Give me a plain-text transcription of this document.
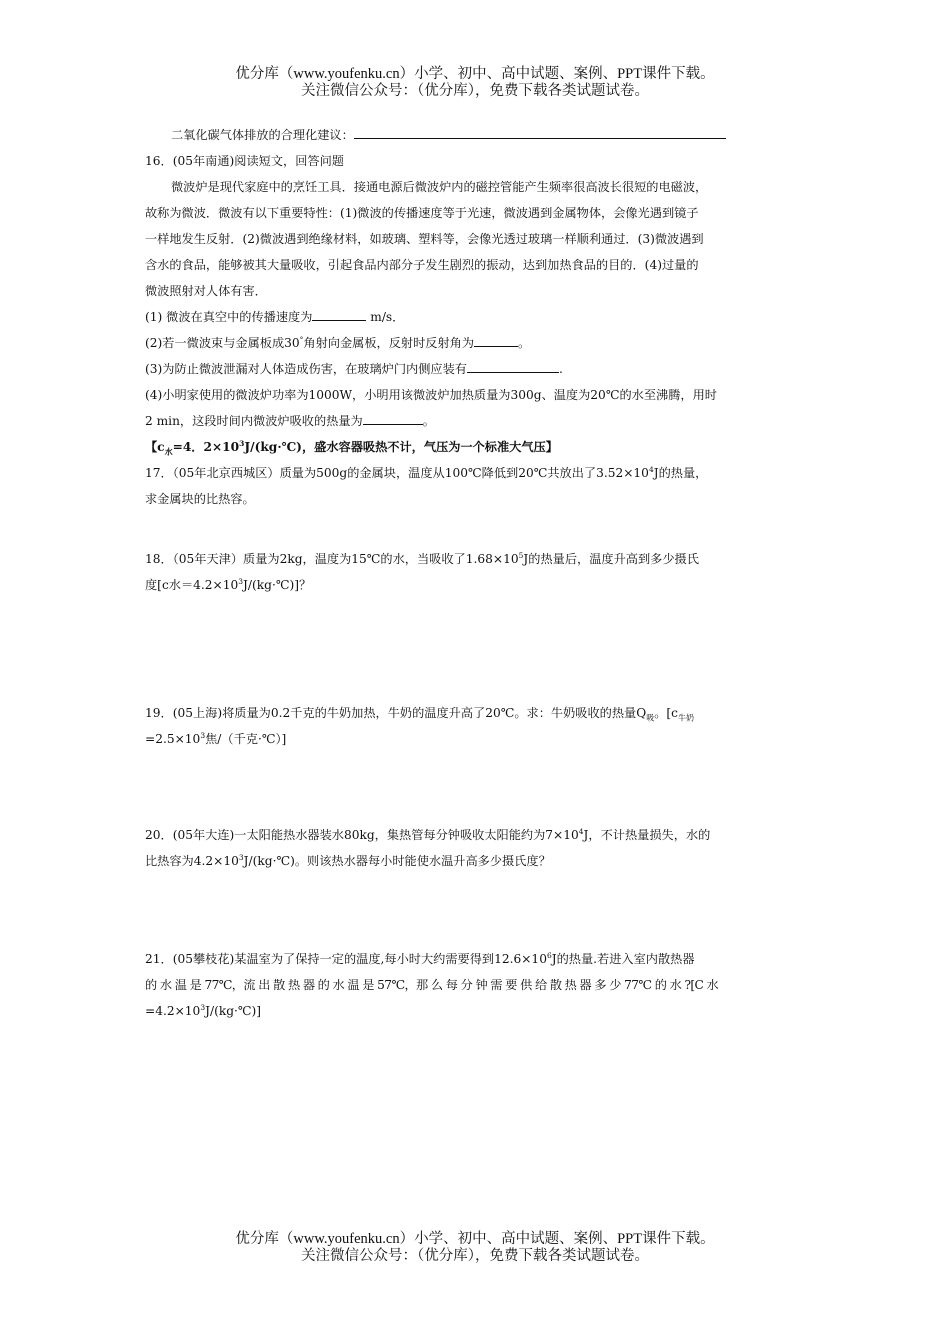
优分库（www.youfenku.cn）小学、初中、高中试题、案例、PPT课件下载。
关注微信公众号：（优分库），免费下载各类试题试卷。
二氧化碳气体排放的合理化建议：
16．(05年南通)阅读短文，回答问题
微波炉是现代家庭中的烹饪工具．接通电源后微波炉内的磁控管能产生频率很高波长很短的电磁波，
故称为微波．微波有以下重要特性：(1)微波的传播速度等于光速，微波遇到金属物体，会像光遇到镜子
一样地发生反射．(2)微波遇到绝缘材料，如玻璃、塑料等，会像光透过玻璃一样顺利通过．(3)微波遇到
含水的食品，能够被其大量吸收，引起食品内部分子发生剧烈的振动，达到加热食品的目的．(4)过量的
微波照射对人体有害．
(1) 微波在真空中的传播速度为	m/s．
(2)若一微波束与金属板成30°角射向金属板，反射时反射角为	。
(3)为防止微波泄漏对人体造成伤害，在玻璃炉门内侧应装有	.
(4)小明家使用的微波炉功率为1000W，小明用该微波炉加热质量为300g、温度为20℃的水至沸腾，用时
2 min，这段时间内微波炉吸收的热量为	。
【$c_水=4$．$2\times 10^3J/(kg\cdot℃)$，盛水容器吸热不计，气压为一个标准大气压】
17．（05年北京西城区）质量为500g的金属块，温度从100℃降低到20℃共放出了$3.52\times 10^4J$的热量，
求金属块的比热容。
18．（05年天津）质量为2kg，温度为15℃的水，当吸收了$1.68\times 10^5J$的热量后，温度升高到多少摄氏
度[c水$=4.2\times 10^3J/(kg\cdot℃)$]？
19．(05上海)将质量为0.2千克的牛奶加热，牛奶的温度升高了20℃。求：牛奶吸收的热量$Q_吸$。[$c_{牛奶}$
$=2.5\times 10^3$焦/（千克·℃）]
20．(05年大连)一太阳能热水器装水80kg，集热管每分钟吸收太阳能约为$7\times 10^4J$，不计热量损失，水的
比热容为$4.2\times 10^3J/(kg\cdot℃)$。则该热水器每小时能使水温升高多少摄氏度？
21．(05攀枝花)某温室为了保持一定的温度,每小时大约需要得到$12.6\times 10^6J$的热量.若进入室内散热器
的 水 温 是 77℃，流 出 散 热 器 的 水 温 是 57℃，那 么 每 分 钟 需 要 供 给 散 热 器 多 少 77℃ 的 水 ?[C 水
$=4.2\times 10^3J/(kg\cdot℃)$]
优分库（www.youfenku.cn）小学、初中、高中试题、案例、PPT课件下载。
关注微信公众号：（优分库），免费下载各类试题试卷。
